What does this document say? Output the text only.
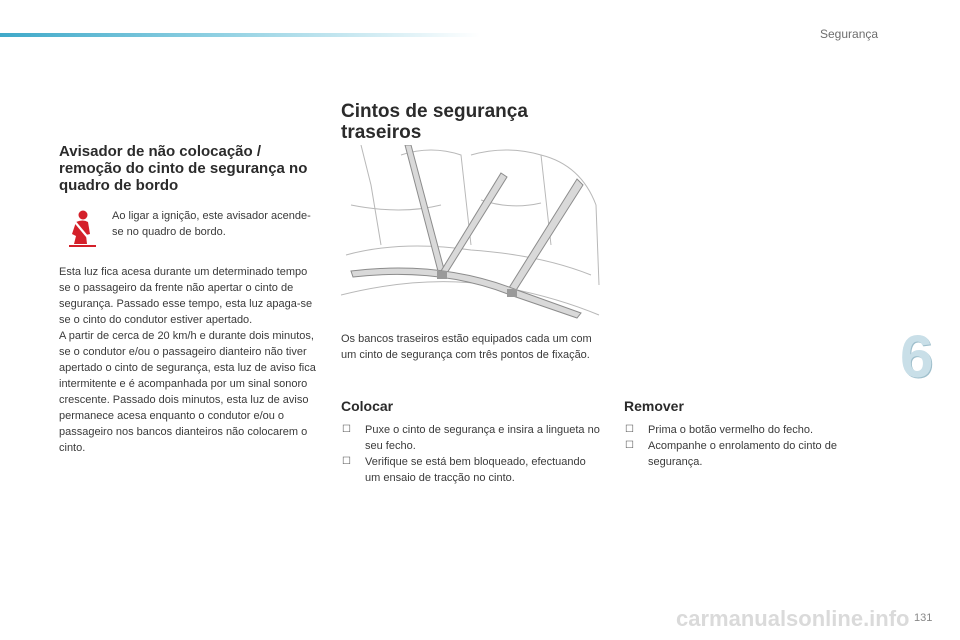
Segurança
6
Avisador de não colocação / remoção do cinto de segurança no quadro de bordo
Ao ligar a ignição, este avisador acende-se no quadro de bordo.
Esta luz fica acesa durante um determinado tempo se o passageiro da frente não apertar o cinto de segurança. Passado esse tempo, esta luz apaga-se se o cinto do condutor estiver apertado.
A partir de cerca de 20 km/h e durante dois minutos, se o condutor e/ou o passageiro dianteiro não tiver apertado o cinto de segurança, esta luz de aviso fica intermitente e é acompanhada por um sinal sonoro crescente. Passado dois minutos, esta luz de aviso permanece acesa enquanto o condutor e/ou o passageiro nos bancos dianteiros não colocarem o cinto.
Cintos de segurança
traseiros
Os bancos traseiros estão equipados cada um com um cinto de segurança com três pontos de fixação.
Colocar
☐ Puxe o cinto de segurança e insira a lingueta no seu fecho.
☐ Verifique se está bem bloqueado, efectuando um ensaio de tracção no cinto.
Remover
☐ Prima o botão vermelho do fecho.
☐ Acompanhe o enrolamento do cinto de segurança.
carmanualsonline.info 131
